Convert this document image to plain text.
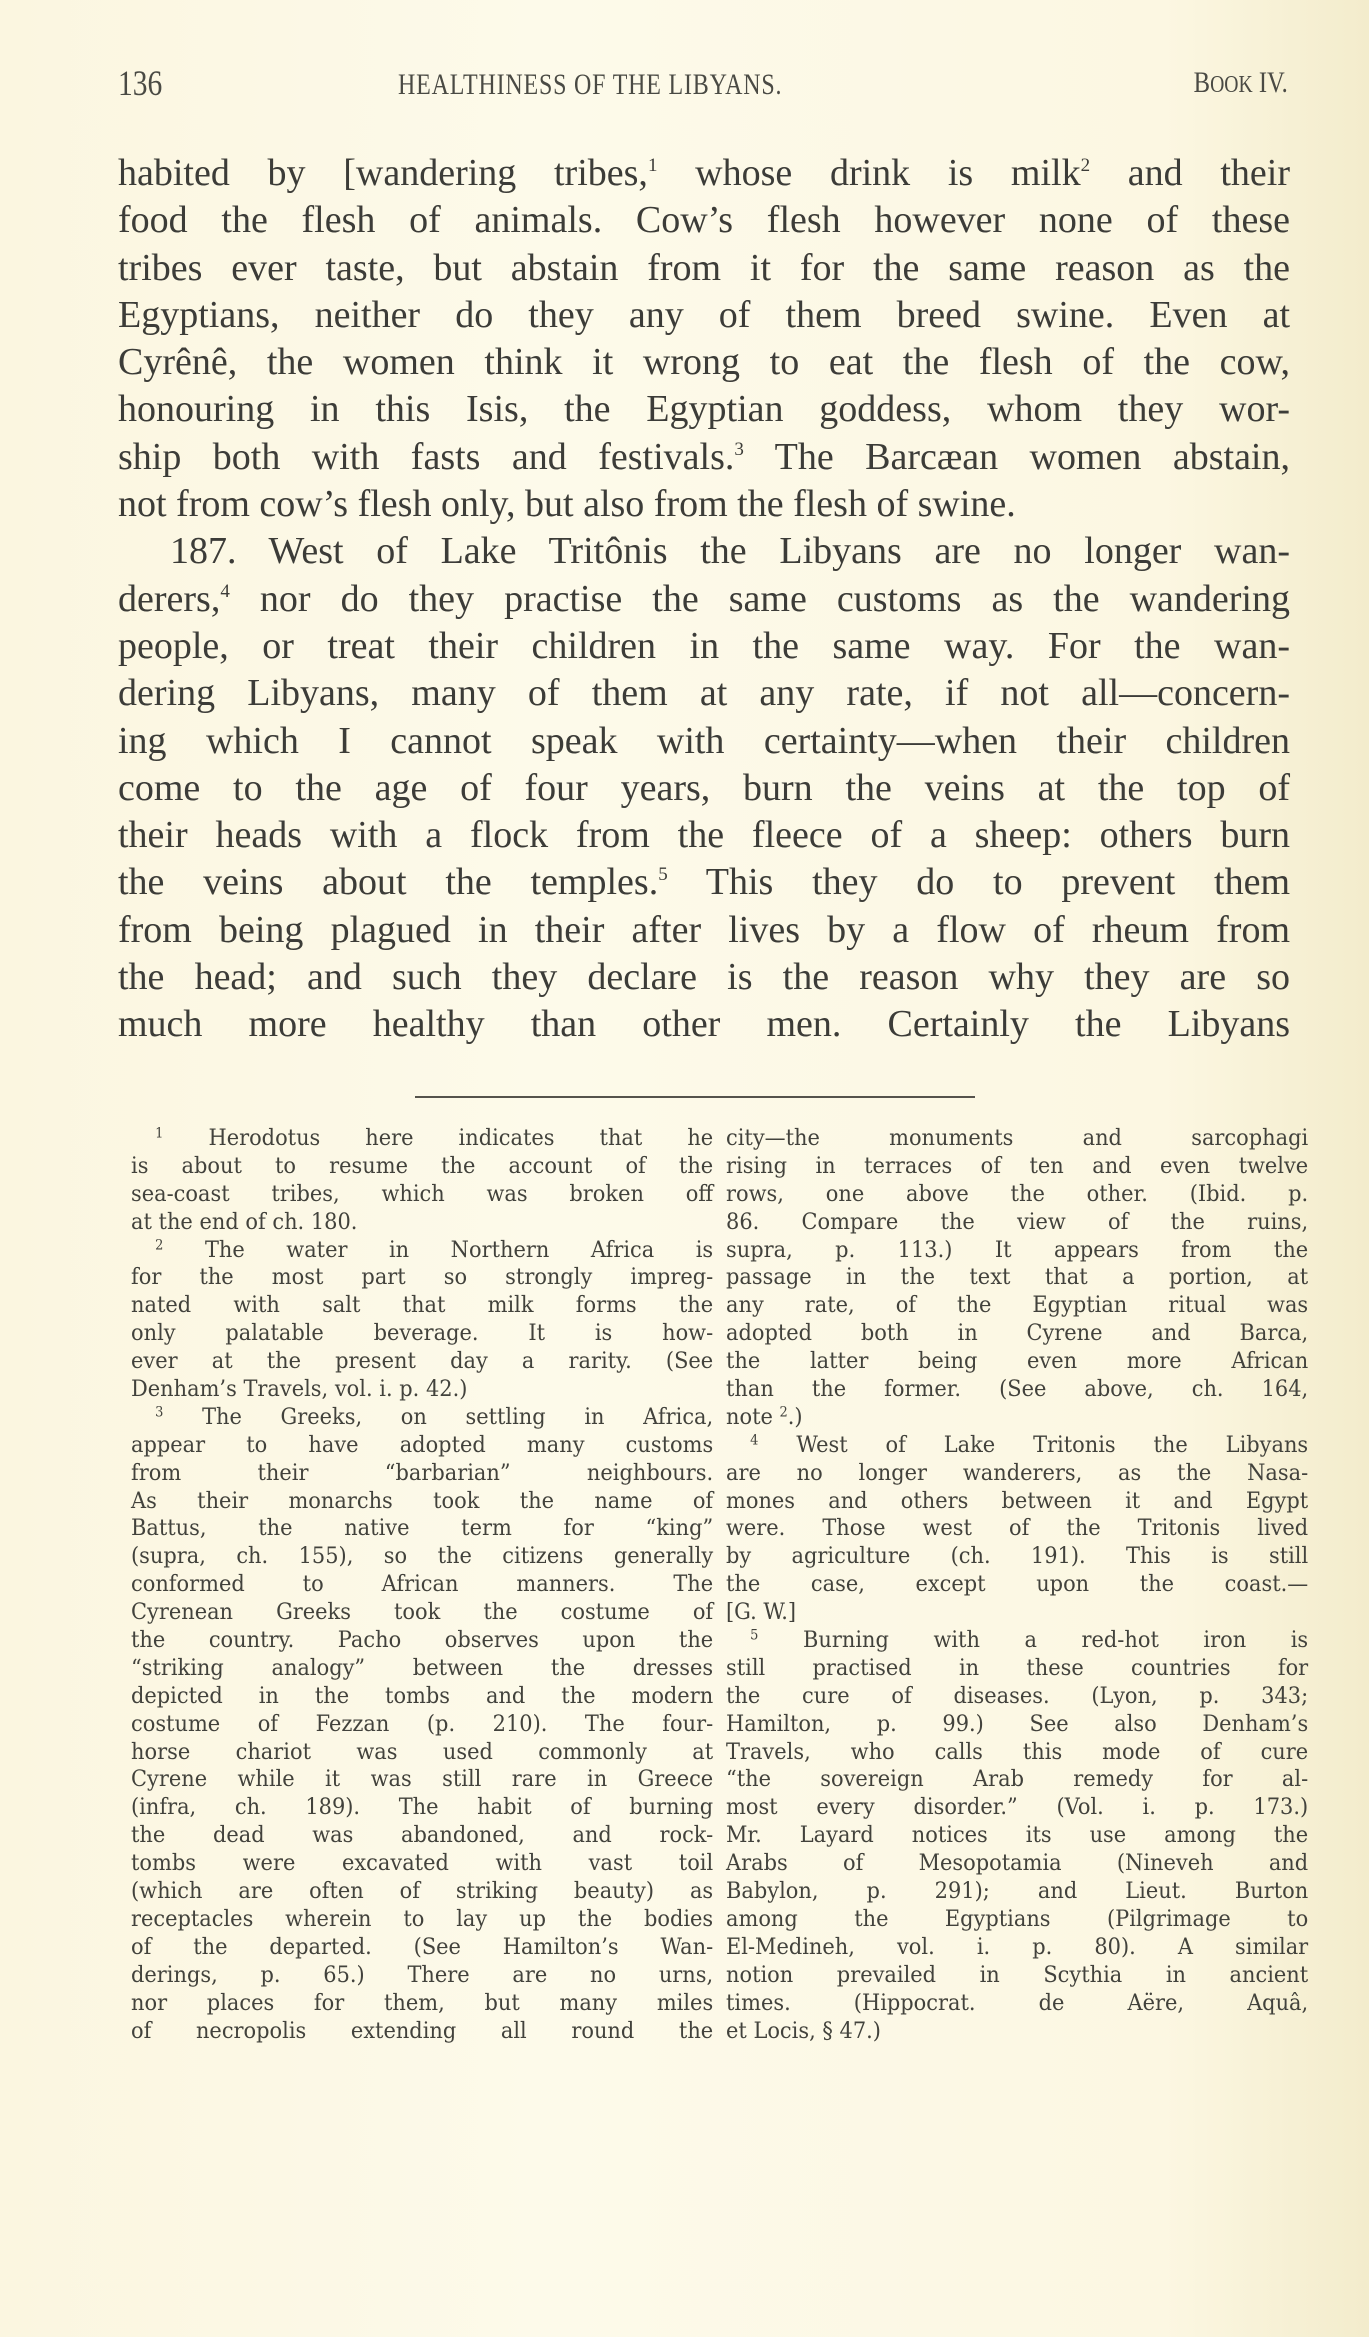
136	HEALTHINESS OF THE LIBYANS.	BOOK IV.
habited by [wandering tribes,$^1$ whose drink is milk$^2$ and their
food the flesh of animals. Cow’s flesh however none of these
tribes ever taste, but abstain from it for the same reason as the
Egyptians, neither do they any of them breed swine. Even at
Cyrênê, the women think it wrong to eat the flesh of the cow,
honouring in this Isis, the Egyptian goddess, whom they wor-
ship both with fasts and festivals.$^3$ The Barcæan women abstain,
not from cow’s flesh only, but also from the flesh of swine.
187. West of Lake Tritônis the Libyans are no longer wan-
derers,$^4$ nor do they practise the same customs as the wandering
people, or treat their children in the same way. For the wan-
dering Libyans, many of them at any rate, if not all—concern-
ing which I cannot speak with certainty—when their children
come to the age of four years, burn the veins at the top of
their heads with a flock from the fleece of a sheep: others burn
the veins about the temples.$^5$ This they do to prevent them
from being plagued in their after lives by a flow of rheum from
the head; and such they declare is the reason why they are so
much more healthy than other men. Certainly the Libyans
$^1$ Herodotus here indicates that he
is about to resume the account of the
sea-coast tribes, which was broken off
at the end of ch. 180.
$^2$ The water in Northern Africa is
for the most part so strongly impreg-
nated with salt that milk forms the
only palatable beverage. It is how-
ever at the present day a rarity. (See
Denham’s Travels, vol. i. p. 42.)
$^3$ The Greeks, on settling in Africa,
appear to have adopted many customs
from their “barbarian” neighbours.
As their monarchs took the name of
Battus, the native term for “king”
(supra, ch. 155), so the citizens generally
conformed to African manners. The
Cyrenean Greeks took the costume of
the country. Pacho observes upon the
“striking analogy” between the dresses
depicted in the tombs and the modern
costume of Fezzan (p. 210). The four-
horse chariot was used commonly at
Cyrene while it was still rare in Greece
(infra, ch. 189). The habit of burning
the dead was abandoned, and rock-
tombs were excavated with vast toil
(which are often of striking beauty) as
receptacles wherein to lay up the bodies
of the departed. (See Hamilton’s Wan-
derings, p. 65.) There are no urns,
nor places for them, but many miles
of necropolis extending all round the
city—the monuments and sarcophagi
rising in terraces of ten and even twelve
rows, one above the other. (Ibid. p.
86. Compare the view of the ruins,
supra, p. 113.) It appears from the
passage in the text that a portion, at
any rate, of the Egyptian ritual was
adopted both in Cyrene and Barca,
the latter being even more African
than the former. (See above, ch. 164,
note $^2$.)
$^4$ West of Lake Tritonis the Libyans
are no longer wanderers, as the Nasa-
mones and others between it and Egypt
were. Those west of the Tritonis lived
by agriculture (ch. 191). This is still
the case, except upon the coast.—
[G. W.]
$^5$ Burning with a red-hot iron is
still practised in these countries for
the cure of diseases. (Lyon, p. 343;
Hamilton, p. 99.) See also Denham’s
Travels, who calls this mode of cure
“the sovereign Arab remedy for al-
most every disorder.” (Vol. i. p. 173.)
Mr. Layard notices its use among the
Arabs of Mesopotamia (Nineveh and
Babylon, p. 291); and Lieut. Burton
among the Egyptians (Pilgrimage to
El-Medineh, vol. i. p. 80). A similar
notion prevailed in Scythia in ancient
times. (Hippocrat. de Aëre, Aquâ,
et Locis, § 47.)
